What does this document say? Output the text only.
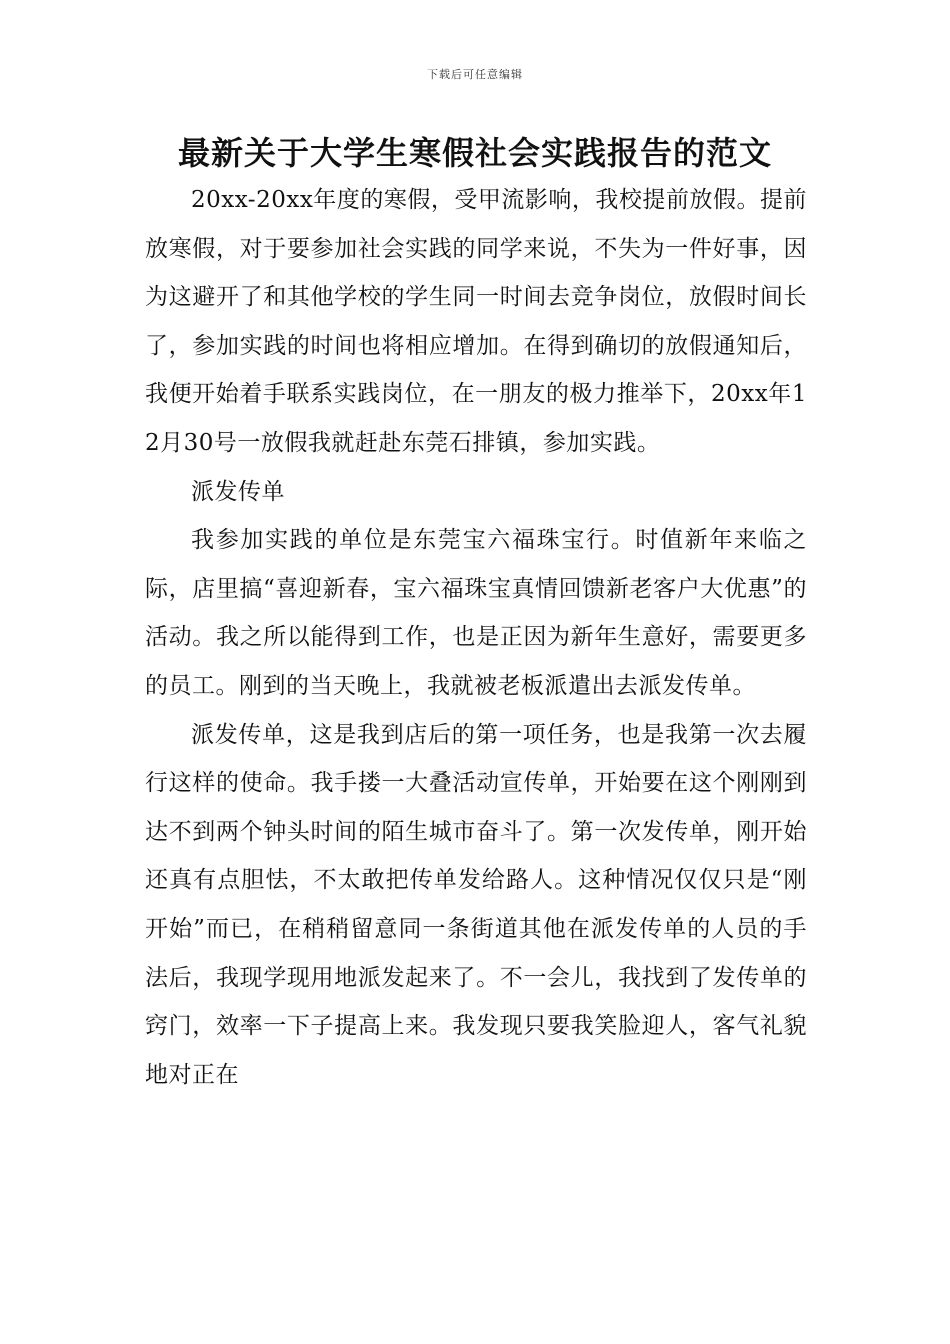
下载后可任意编辑
最新关于大学生寒假社会实践报告的范文

20xx-20xx年度的寒假，受甲流影响，我校提前放假。提前放寒假，对于要参加社会实践的同学来说，不失为一件好事，因为这避开了和其他学校的学生同一时间去竞争岗位，放假时间长了，参加实践的时间也将相应增加。在得到确切的放假通知后，我便开始着手联系实践岗位，在一朋友的极力推举下，20xx年12月30号一放假我就赶赴东莞石排镇，参加实践。

派发传单

我参加实践的单位是东莞宝六福珠宝行。时值新年来临之际，店里搞“喜迎新春，宝六福珠宝真情回馈新老客户大优惠”的活动。我之所以能得到工作，也是正因为新年生意好，需要更多的员工。刚到的当天晚上，我就被老板派遣出去派发传单。

派发传单，这是我到店后的第一项任务，也是我第一次去履行这样的使命。我手搂一大叠活动宣传单，开始要在这个刚刚到达不到两个钟头时间的陌生城市奋斗了。第一次发传单，刚开始还真有点胆怯，不太敢把传单发给路人。这种情况仅仅只是“刚开始”而已，在稍稍留意同一条街道其他在派发传单的人员的手法后，我现学现用地派发起来了。不一会儿，我找到了发传单的窍门，效率一下子提高上来。我发现只要我笑脸迎人，客气礼貌地对正在
